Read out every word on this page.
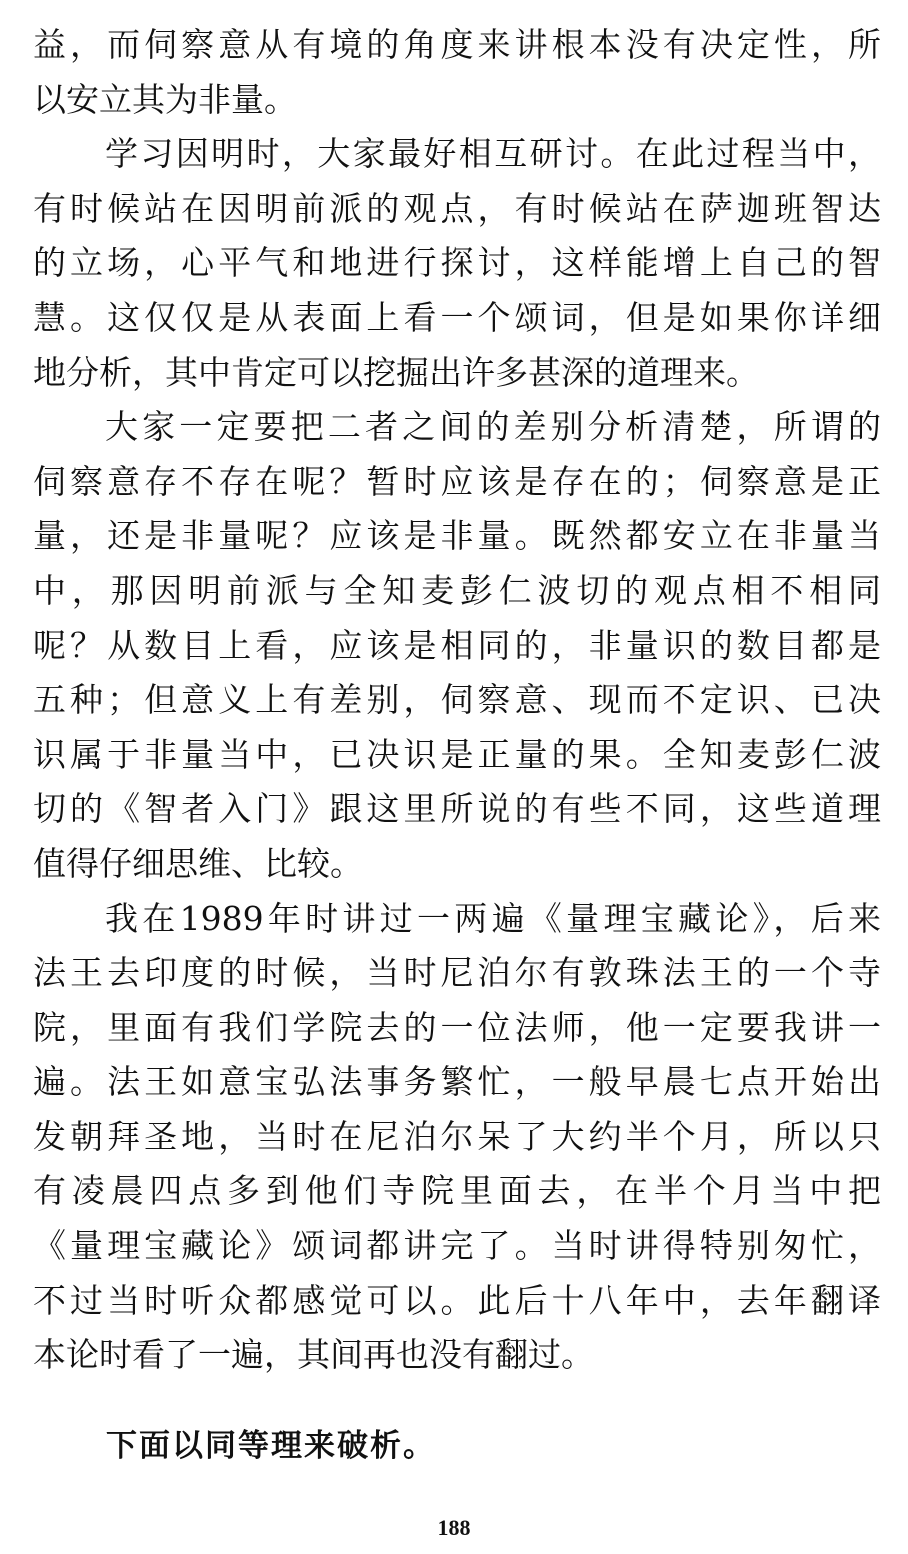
益，而伺察意从有境的角度来讲根本没有决定性，所
以安立其为非量。
学习因明时，大家最好相互研讨。在此过程当中，
有时候站在因明前派的观点，有时候站在萨迦班智达
的立场，心平气和地进行探讨，这样能增上自己的智
慧。这仅仅是从表面上看一个颂词，但是如果你详细
地分析，其中肯定可以挖掘出许多甚深的道理来。
大家一定要把二者之间的差别分析清楚，所谓的
伺察意存不存在呢？暂时应该是存在的；伺察意是正
量，还是非量呢？应该是非量。既然都安立在非量当
中，那因明前派与全知麦彭仁波切的观点相不相同
呢？从数目上看，应该是相同的，非量识的数目都是
五种；但意义上有差别，伺察意、现而不定识、已决
识属于非量当中，已决识是正量的果。全知麦彭仁波
切的《智者入门》跟这里所说的有些不同，这些道理
值得仔细思维、比较。
我在1989年时讲过一两遍《量理宝藏论》，后来
法王去印度的时候，当时尼泊尔有敦珠法王的一个寺
院，里面有我们学院去的一位法师，他一定要我讲一
遍。法王如意宝弘法事务繁忙，一般早晨七点开始出
发朝拜圣地，当时在尼泊尔呆了大约半个月，所以只
有凌晨四点多到他们寺院里面去，在半个月当中把
《量理宝藏论》颂词都讲完了。当时讲得特别匆忙，
不过当时听众都感觉可以。此后十八年中，去年翻译
本论时看了一遍，其间再也没有翻过。
下面以同等理来破析。
188
